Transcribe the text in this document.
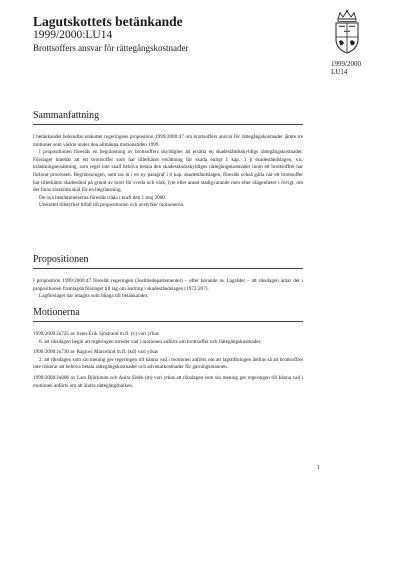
Lagutskottets betänkande
1999/2000:LU14
Brottsoffers ansvar för rättegångskostnader
1999/2000
LU14
Sammanfattning

I betänkandet behandlar utskottet regeringens proposition 1999/2000:47 om brottsoffers ansvar för rättegångskostnader jämte tre motioner som väckts under den allmänna motionstiden 1999.

I propositionen föreslås en begränsning av brottsoffers skyldighet att ersätta en skadeståndsskyldigs rättegångskostnader. Förslaget innebär att ett brottsoffer som har tillerkänts ersättning för skada enligt 1 kap. 3 § skadeståndslagen, s.k. kränkningsersättning, som regel inte skall behöva betala den skadeståndsskyldiges rättegångskostnader inom ett brottsoffret har förlorat processen. Begränsningen, som tas in i en ny paragraf i 6 kap. skadeståndslagen, föreslås också gälla när ett brottsoffer har tillerkänts skadestånd på grund av brott för sveda och värk, lyte eller annat stadigvarande men eller olägenheter i övrigt, om det finns särskilda skäl för en begränsning.

De nya bestämmelserna föreslås träda i kraft den 1 maj 2000.

Utskottet tillstyrker bifall till propositionen och avstyrker motionerna.

Propositionen

I proposition 1999/2000:47 föreslår regeringen (Justitiedepartementet) – efter hörande av Lagrådet – att riksdagen antar det i propositionen framlagda förslaget till lag om ändring i skadeståndslagen (1972:207).

Lagförslaget har intagits som bilaga till betänkandet.

Motionerna

1999/2000:Ju725 av Sven-Erik Sjöstrand m.fl. (v) vari yrkas

6. att riksdagen begär att regeringen utreder vad i motionen anförts om brottsoffer och rättegångskostnader.

1999/2000:Ju730 av Ragnwi Marcelind m.fl. (kd) vari yrkas

2. att riksdagen som sin mening ger regeringen till känna vad i motionen anförts om att lagstiftningen ändras så att brottsoffret inte riskerar att behöva betala rättegångskostnader och advokatkostnader för gärningsmannen.

1999/2000:Ju806 av Lars Björkman och Anita Sidén (m) vari yrkas att riksdagen som sin mening ger regeringen till känna vad i motionen anförts om att ändra rättegångsbalken.

1
